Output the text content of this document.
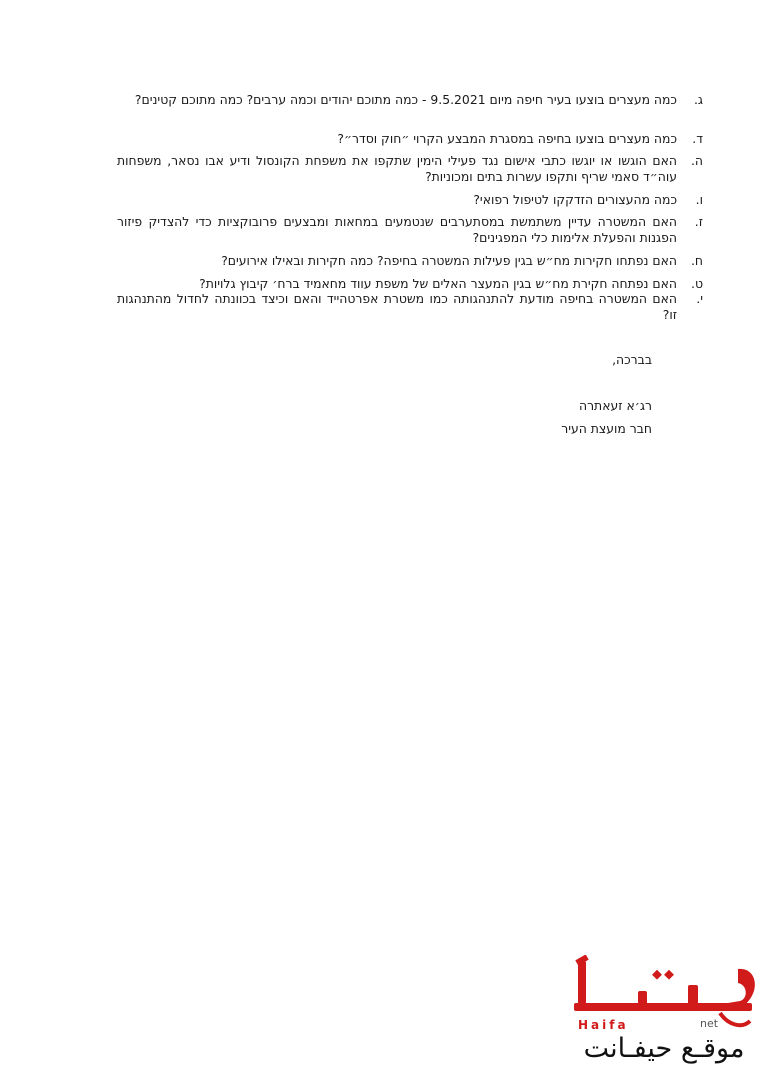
ג.
כמה מעצרים בוצעו בעיר חיפה מיום 9.5.2021 - כמה מתוכם יהודים וכמה ערבים? כמה מתוכם קטינים?
ד.
כמה מעצרים בוצעו בחיפה במסגרת המבצע הקרוי ״חוק וסדר״?
ה.
האם הוגשו או יוגשו כתבי אישום נגד פעילי הימין שתקפו את משפחת הקונסול ודיע אבו נסאר, משפחות עוה״ד סאמי שריף ותקפו עשרות בתים ומכוניות?
ו.
כמה מהעצורים הזדקקו לטיפול רפואי?
ז.
האם המשטרה עדיין משתמשת במסתערבים שנטמעים במחאות ומבצעים פרובוקציות כדי להצדיק פיזור הפגנות והפעלת אלימות כלי המפגינים?
ח.
האם נפתחו חקירות מח״ש בגין פעילות המשטרה בחיפה? כמה חקירות ובאילו אירועים?
ט.
האם נפתחה חקירת מח״ש בגין המעצר האלים של משפת עווד מחאמיד ברח׳ קיבוץ גלויות?
י.
האם המשטרה בחיפה מודעת להתנהגותה כמו משטרת אפרטהייד והאם וכיצד בכוונתה לחדול מהתנהגות זו?
בברכה,
רג׳א זעאתרה
חבר מועצת העיר
Haifa	net
موقـع حيفـانت
